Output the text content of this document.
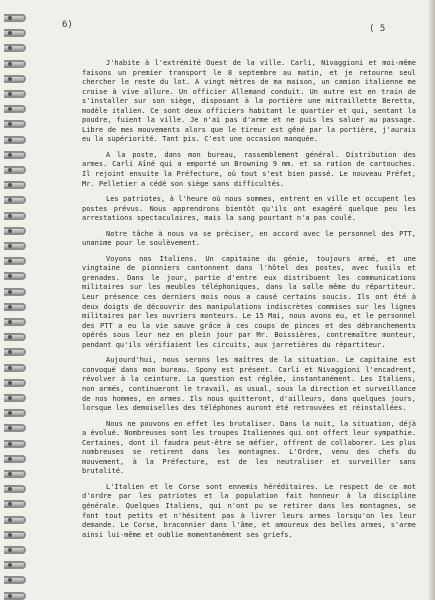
6)	( 5

J'habite à l'extrémité Ouest de la ville. Carli, Nivaggioni et moi-même faisons un premier transport le 8 septembre au matin, et je retourne seul chercher le reste du lot. A vingt mètres de ma maison, un camion italienne me croise à vive allure. Un officier Allemand conduit. Un autre est en train de s'installer sur son siège, disposant à la portière une mitraillette Beretta, modèle italien. Ce sont deux officiers habitant le quartier et qui, sentant la poudre, fuient la ville. Je n'ai pas d'arme et ne puis les saluer au passage. Libre de mes mouvements alors que le tireur est gêné par la portière, j'aurais eu la supériorité. Tant pis. C'est une occasion manquée.

A la poste, dans mon bureau, rassemblement général. Distribution des armes. Carli Aîné qui a emporté un Browning 9 mm. et sa ration de cartouches. Il rejoint ensuite la Préfecture, où tout s'est bien passé. Le nouveau Préfet, Mr. Pelletier a cédé son siège sans difficultés.

Les patriotes, à l'heure où nous sommes, entrent en ville et occupent les postes prévus. Nous apprendrons bientôt qu'ils ont exagéré quelque peu les arrestations spectaculaires, mais la sang pourtant n'a pas coulé.

Notre tâche à nous va se préciser, en accord avec le personnel des PTT, unanime pour le soulèvement.

Voyons nos Italiens. Un capitaine du génie, toujours armé, et une vingtaine de pionniers cantonnent dans l'hôtel des postes, avec fusils et grenades. Dans le jour, partie d'entre eux distribuent les communications militaires sur les meubles téléphoniques, dans la salle même du répartiteur. Leur présence ces derniers mois nous a causé certains soucis. Ils ont été à deux doigts de découvrir des manipulations indiscrètes commises sur les lignes militaires par les ouvriers monteurs. Le 15 Mai, nous avons eu, et le personnel des PTT a eu la vie sauve grâce à ces coups de pinces et des débranchements opérés sous leur nez en plein jour par Mr. Boissières, contremaître monteur, pendant qu'ils vérifiaient les circuits, aux jarretières du répartiteur.

Aujourd'hui, nous serons les maîtres de la situation. Le capitaine est convoqué dans mon bureau. Spony est présent. Carli et Nivaggioni l'encadrent, révolver à la ceinture. La question est réglée, instantanément. Les Italiens, non armés, continueront le travail, as usual, sous la direction et surveillance de nos hommes, en armes. Ils nous quitteront, d'ailleurs, dans quelques jours, lorsque les demoiselles des téléphones auront été retrouvées et réinstallées.

Nous ne pouvons en effet les brutaliser. Dans la nuit, la situation, déjà a évolué. Nombreuses sont les troupes Italiennes qui ont offert leur sympathie. Certaines, dont il faudra peut-être se méfier, offrent de collaborer. Les plus nombreuses se retirent dans les montagnes. L'Ordre, venu des chefs du mouvement, à la Préfecture, est de les neutraliser et surveiller sans brutalité.

L'Italien et le Corse sont ennemis héréditaires. Le respect de ce mot d'ordre par les patriotes et la population fait honneur à la discipline générale. Quelques Italiens, qui n'ont pu se retirer dans les montagnes, se font tout petits et n'hésitent pas à livrer leurs armes lorsqu'on les leur demande. Le Corse, braconnier dans l'âme, et amoureux des belles armes, s'arme ainsi lui-même et oublie momentanément ses griefs.
